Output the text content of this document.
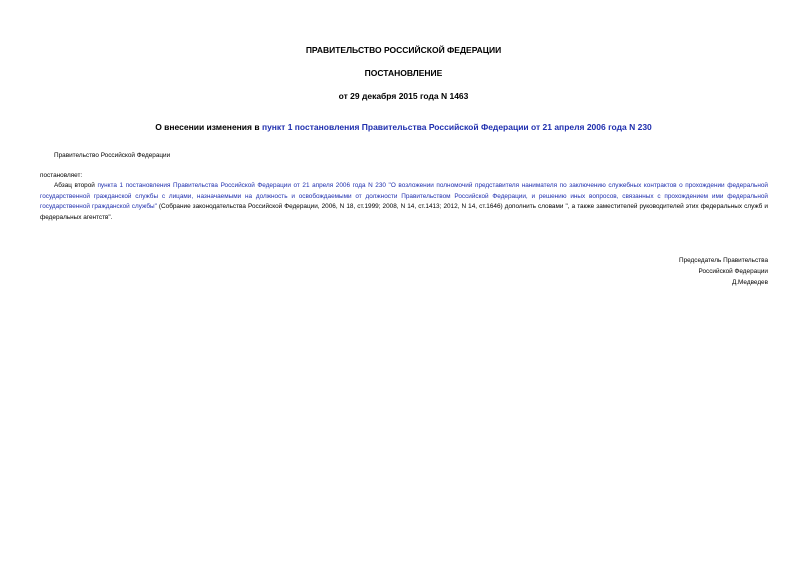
ПРАВИТЕЛЬСТВО РОССИЙСКОЙ ФЕДЕРАЦИИ
ПОСТАНОВЛЕНИЕ
от 29 декабря 2015 года N 1463
О внесении изменения в пункт 1 постановления Правительства Российской Федерации от 21 апреля 2006 года N 230
Правительство Российской Федерации
постановляет:
Абзац второй пункта 1 постановления Правительства Российской Федерации от 21 апреля 2006 года N 230 "О возложении полномочий представителя нанимателя по заключению служебных контрактов о прохождении федеральной государственной гражданской службы с лицами, назначаемыми на должность и освобождаемыми от должности Правительством Российской Федерации, и решению иных вопросов, связанных с прохождением ими федеральной государственной гражданской службы" (Собрание законодательства Российской Федерации, 2006, N 18, ст.1999; 2008, N 14, ст.1413; 2012, N 14, ст.1646) дополнить словами ", а также заместителей руководителей этих федеральных служб и федеральных агентств".
Председатель Правительства
Российской Федерации
Д.Медведев
